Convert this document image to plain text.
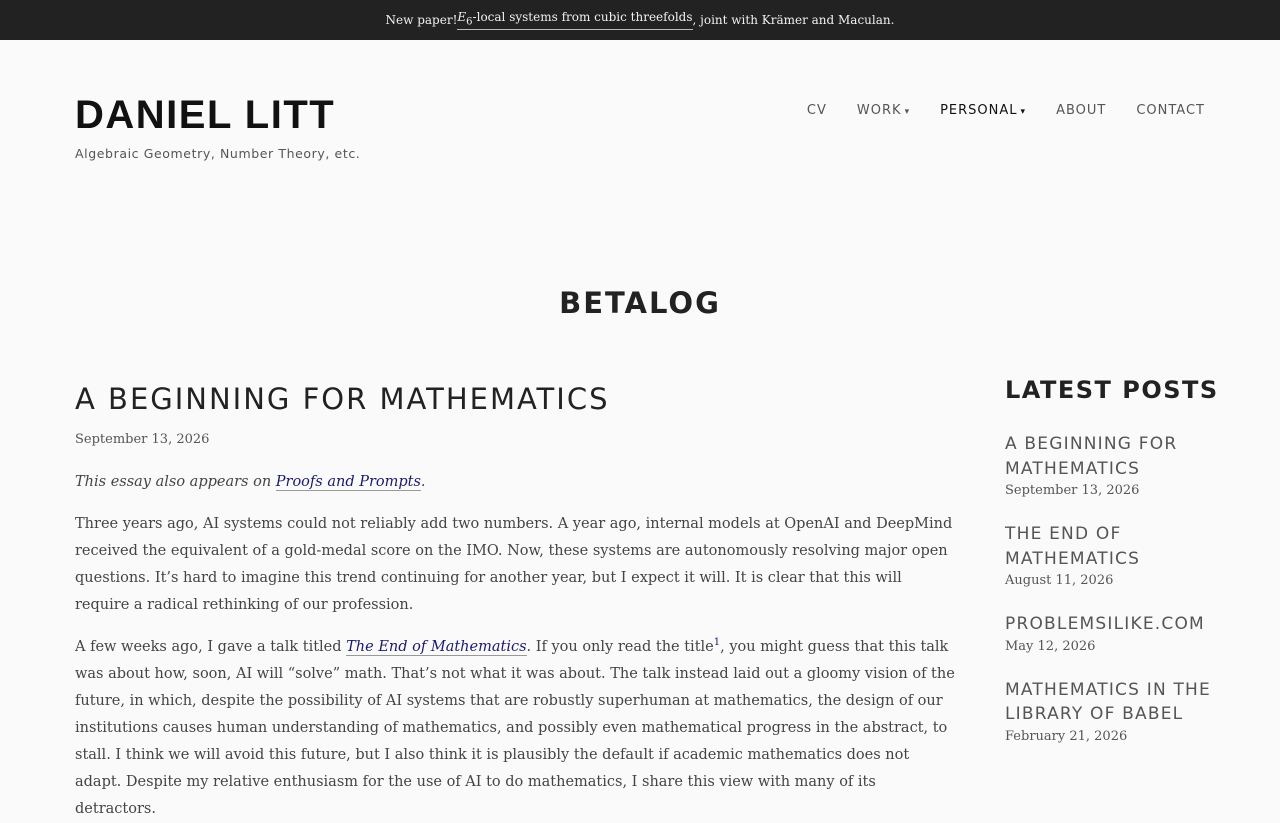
New paper! $E_6$-local systems from cubic threefolds , joint with Krämer and Maculan.
DANIEL LITT
Algebraic Geometry, Number Theory, etc.
CV WORK ▾ PERSONAL ▾ ABOUT CONTACT
BETALOG
A BEGINNING FOR MATHEMATICS
September 13, 2026

This essay also appears on Proofs and Prompts.

Three years ago, AI systems could not reliably add two numbers. A year ago, internal models at OpenAI and DeepMind received the equivalent of a gold-medal score on the IMO. Now, these systems are autonomously resolving major open questions. It’s hard to imagine this trend continuing for another year, but I expect it will. It is clear that this will require a radical rethinking of our profession.

A few weeks ago, I gave a talk titled The End of Mathematics. If you only read the title$^1$, you might guess that this talk was about how, soon, AI will “solve” math. That’s not what it was about. The talk instead laid out a gloomy vision of the future, in which, despite the possibility of AI systems that are robustly superhuman at mathematics, the design of our institutions causes human understanding of mathematics, and possibly even mathematical progress in the abstract, to stall. I think we will avoid this future, but I also think it is plausibly the default if academic mathematics does not adapt. Despite my relative enthusiasm for the use of AI to do mathematics, I share this view with many of its detractors.

LATEST POSTS
A BEGINNING FOR MATHEMATICS
September 13, 2026
THE END OF MATHEMATICS
August 11, 2026
PROBLEMSILIKE.COM
May 12, 2026
MATHEMATICS IN THE LIBRARY OF BABEL
February 21, 2026
